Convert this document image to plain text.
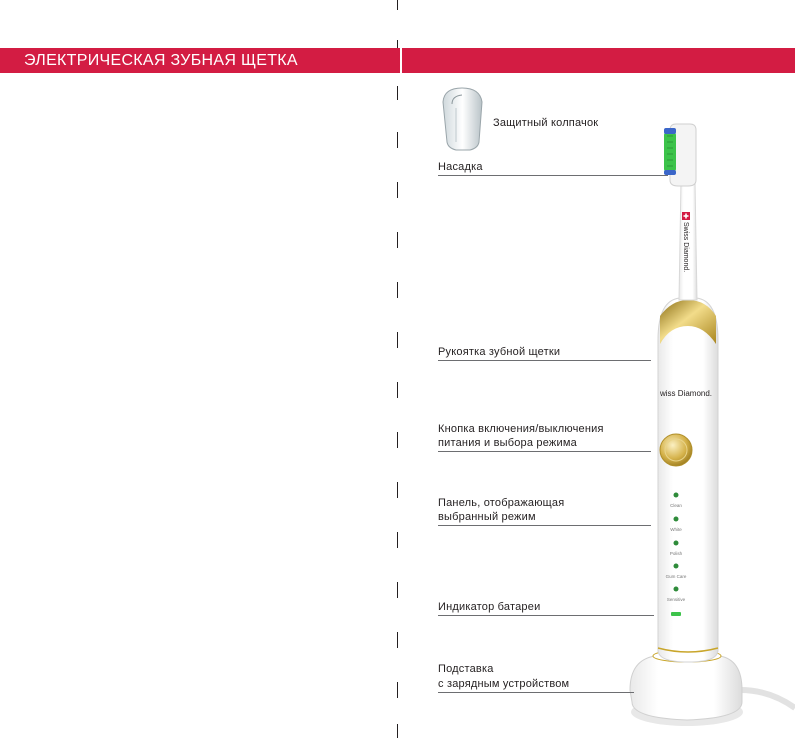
ЭЛЕКТРИЧЕСКАЯ ЗУБНАЯ ЩЕТКА
Swiss Diamond.
wiss Diamond.
Clean
White
Polish
Gum Care
Sensitive
Защитный колпачок
Насадка
Рукоятка зубной щетки
Кнопка включения/выключения
питания и выбора режима
Панель, отображающая
выбранный режим
Индикатор батареи
Подставка
с зарядным устройством
